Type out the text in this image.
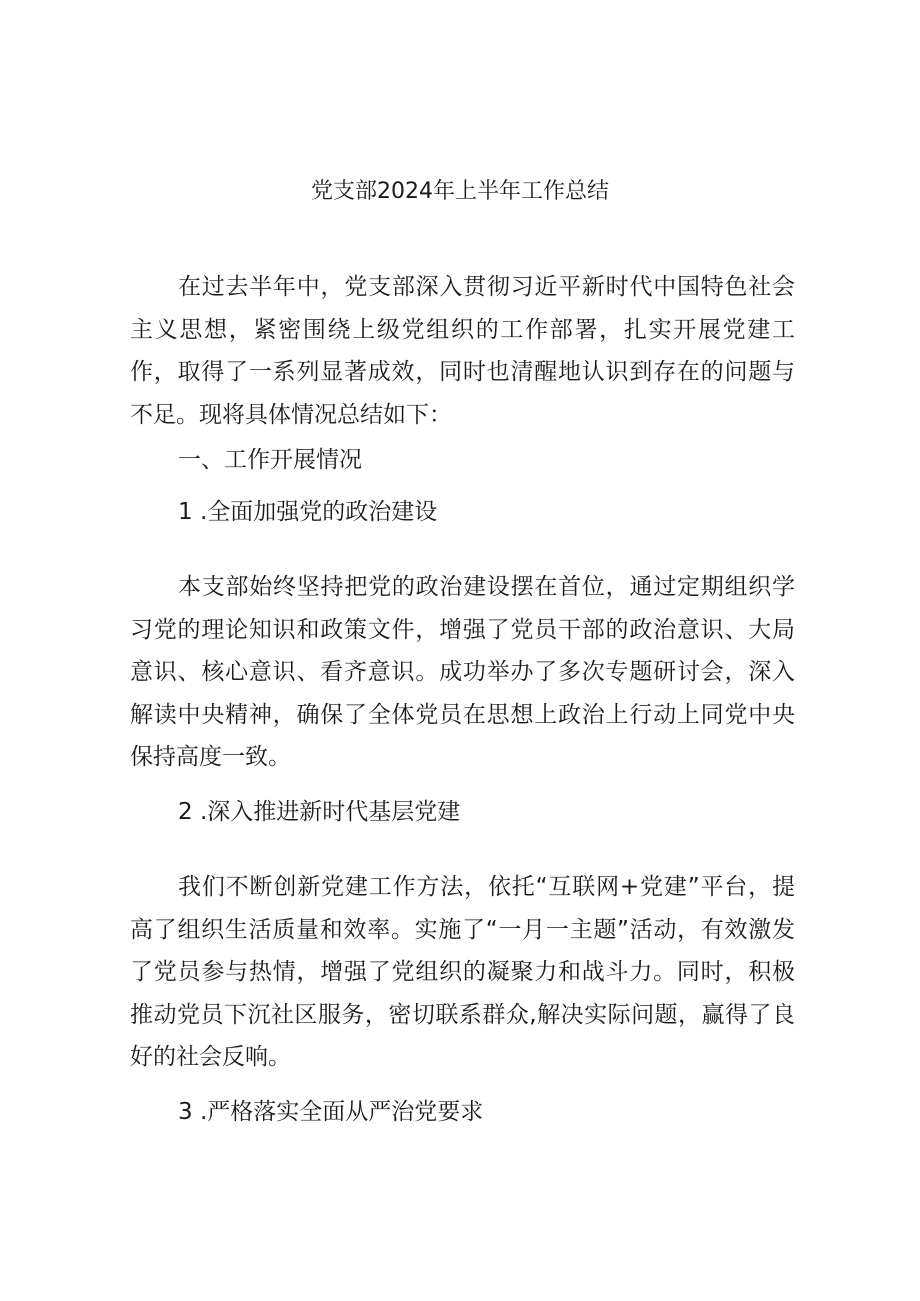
党支部2024年上半年工作总结

在过去半年中，党支部深入贯彻习近平新时代中国特色社会主义思想，紧密围绕上级党组织的工作部署，扎实开展党建工作，取得了一系列显著成效，同时也清醒地认识到存在的问题与不足。现将具体情况总结如下：

一、工作开展情况
1 .全面加强党的政治建设

本支部始终坚持把党的政治建设摆在首位，通过定期组织学习党的理论知识和政策文件，增强了党员干部的政治意识、大局意识、核心意识、看齐意识。成功举办了多次专题研讨会，深入解读中央精神，确保了全体党员在思想上政治上行动上同党中央保持高度一致。

2 .深入推进新时代基层党建

我们不断创新党建工作方法，依托“互联网+党建”平台，提高了组织生活质量和效率。实施了“一月一主题”活动，有效激发了党员参与热情，增强了党组织的凝聚力和战斗力。同时，积极推动党员下沉社区服务，密切联系群众,解决实际问题，赢得了良好的社会反响。

3 .严格落实全面从严治党要求
